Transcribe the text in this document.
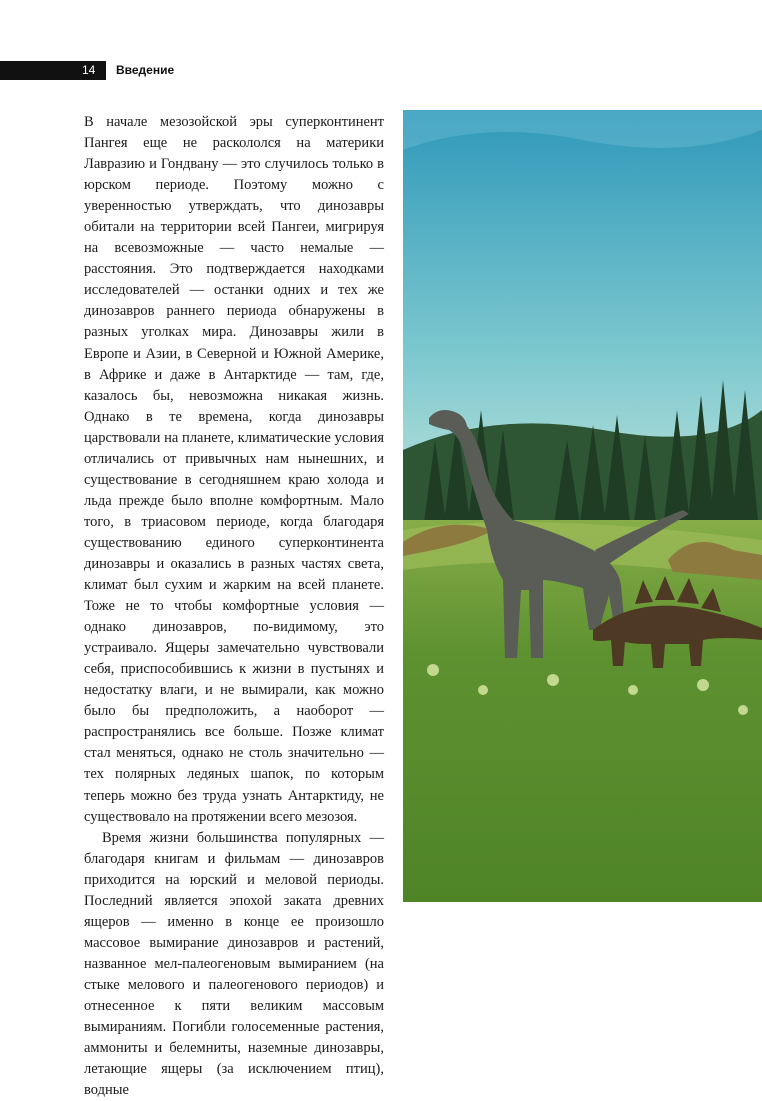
14	Введение

В начале мезозойской эры суперконтинент Пангея еще не раскололся на материки Лавразию и Гондвану — это случилось только в юрском периоде. Поэтому можно с уверенностью утверждать, что динозавры обитали на территории всей Пангеи, мигрируя на всевозможные — часто немалые — расстояния. Это подтверждается находками исследователей — останки одних и тех же динозавров раннего периода обнаружены в разных уголках мира. Динозавры жили в Европе и Азии, в Северной и Южной Америке, в Африке и даже в Антарктиде — там, где, казалось бы, невозможна никакая жизнь. Однако в те времена, когда динозавры царствовали на планете, климатические условия отличались от привычных нам нынешних, и существование в сегодняшнем краю холода и льда прежде было вполне комфортным. Мало того, в триасовом периоде, когда благодаря существованию единого суперконтинента динозавры и оказались в разных частях света, климат был сухим и жарким на всей планете. Тоже не то чтобы комфортные условия — однако динозавров, по-видимому, это устраивало. Ящеры замечательно чувствовали себя, приспособившись к жизни в пустынях и недостатку влаги, и не вымирали, как можно было бы предположить, а наоборот — распространялись все больше. Позже климат стал меняться, однако не столь значительно — тех полярных ледяных шапок, по которым теперь можно без труда узнать Антарктиду, не существовало на протяжении всего мезозоя.

Время жизни большинства популярных — благодаря книгам и фильмам — динозавров приходится на юрский и меловой периоды. Последний является эпохой заката древних ящеров — именно в конце ее произошло массовое вымирание динозавров и растений, названное мел-палеогеновым вымиранием (на стыке мелового и палеогенового периодов) и отнесенное к пяти великим массовым вымираниям. Погибли голосеменные растения, аммониты и белемниты, наземные динозавры, летающие ящеры (за исключением птиц), водные
